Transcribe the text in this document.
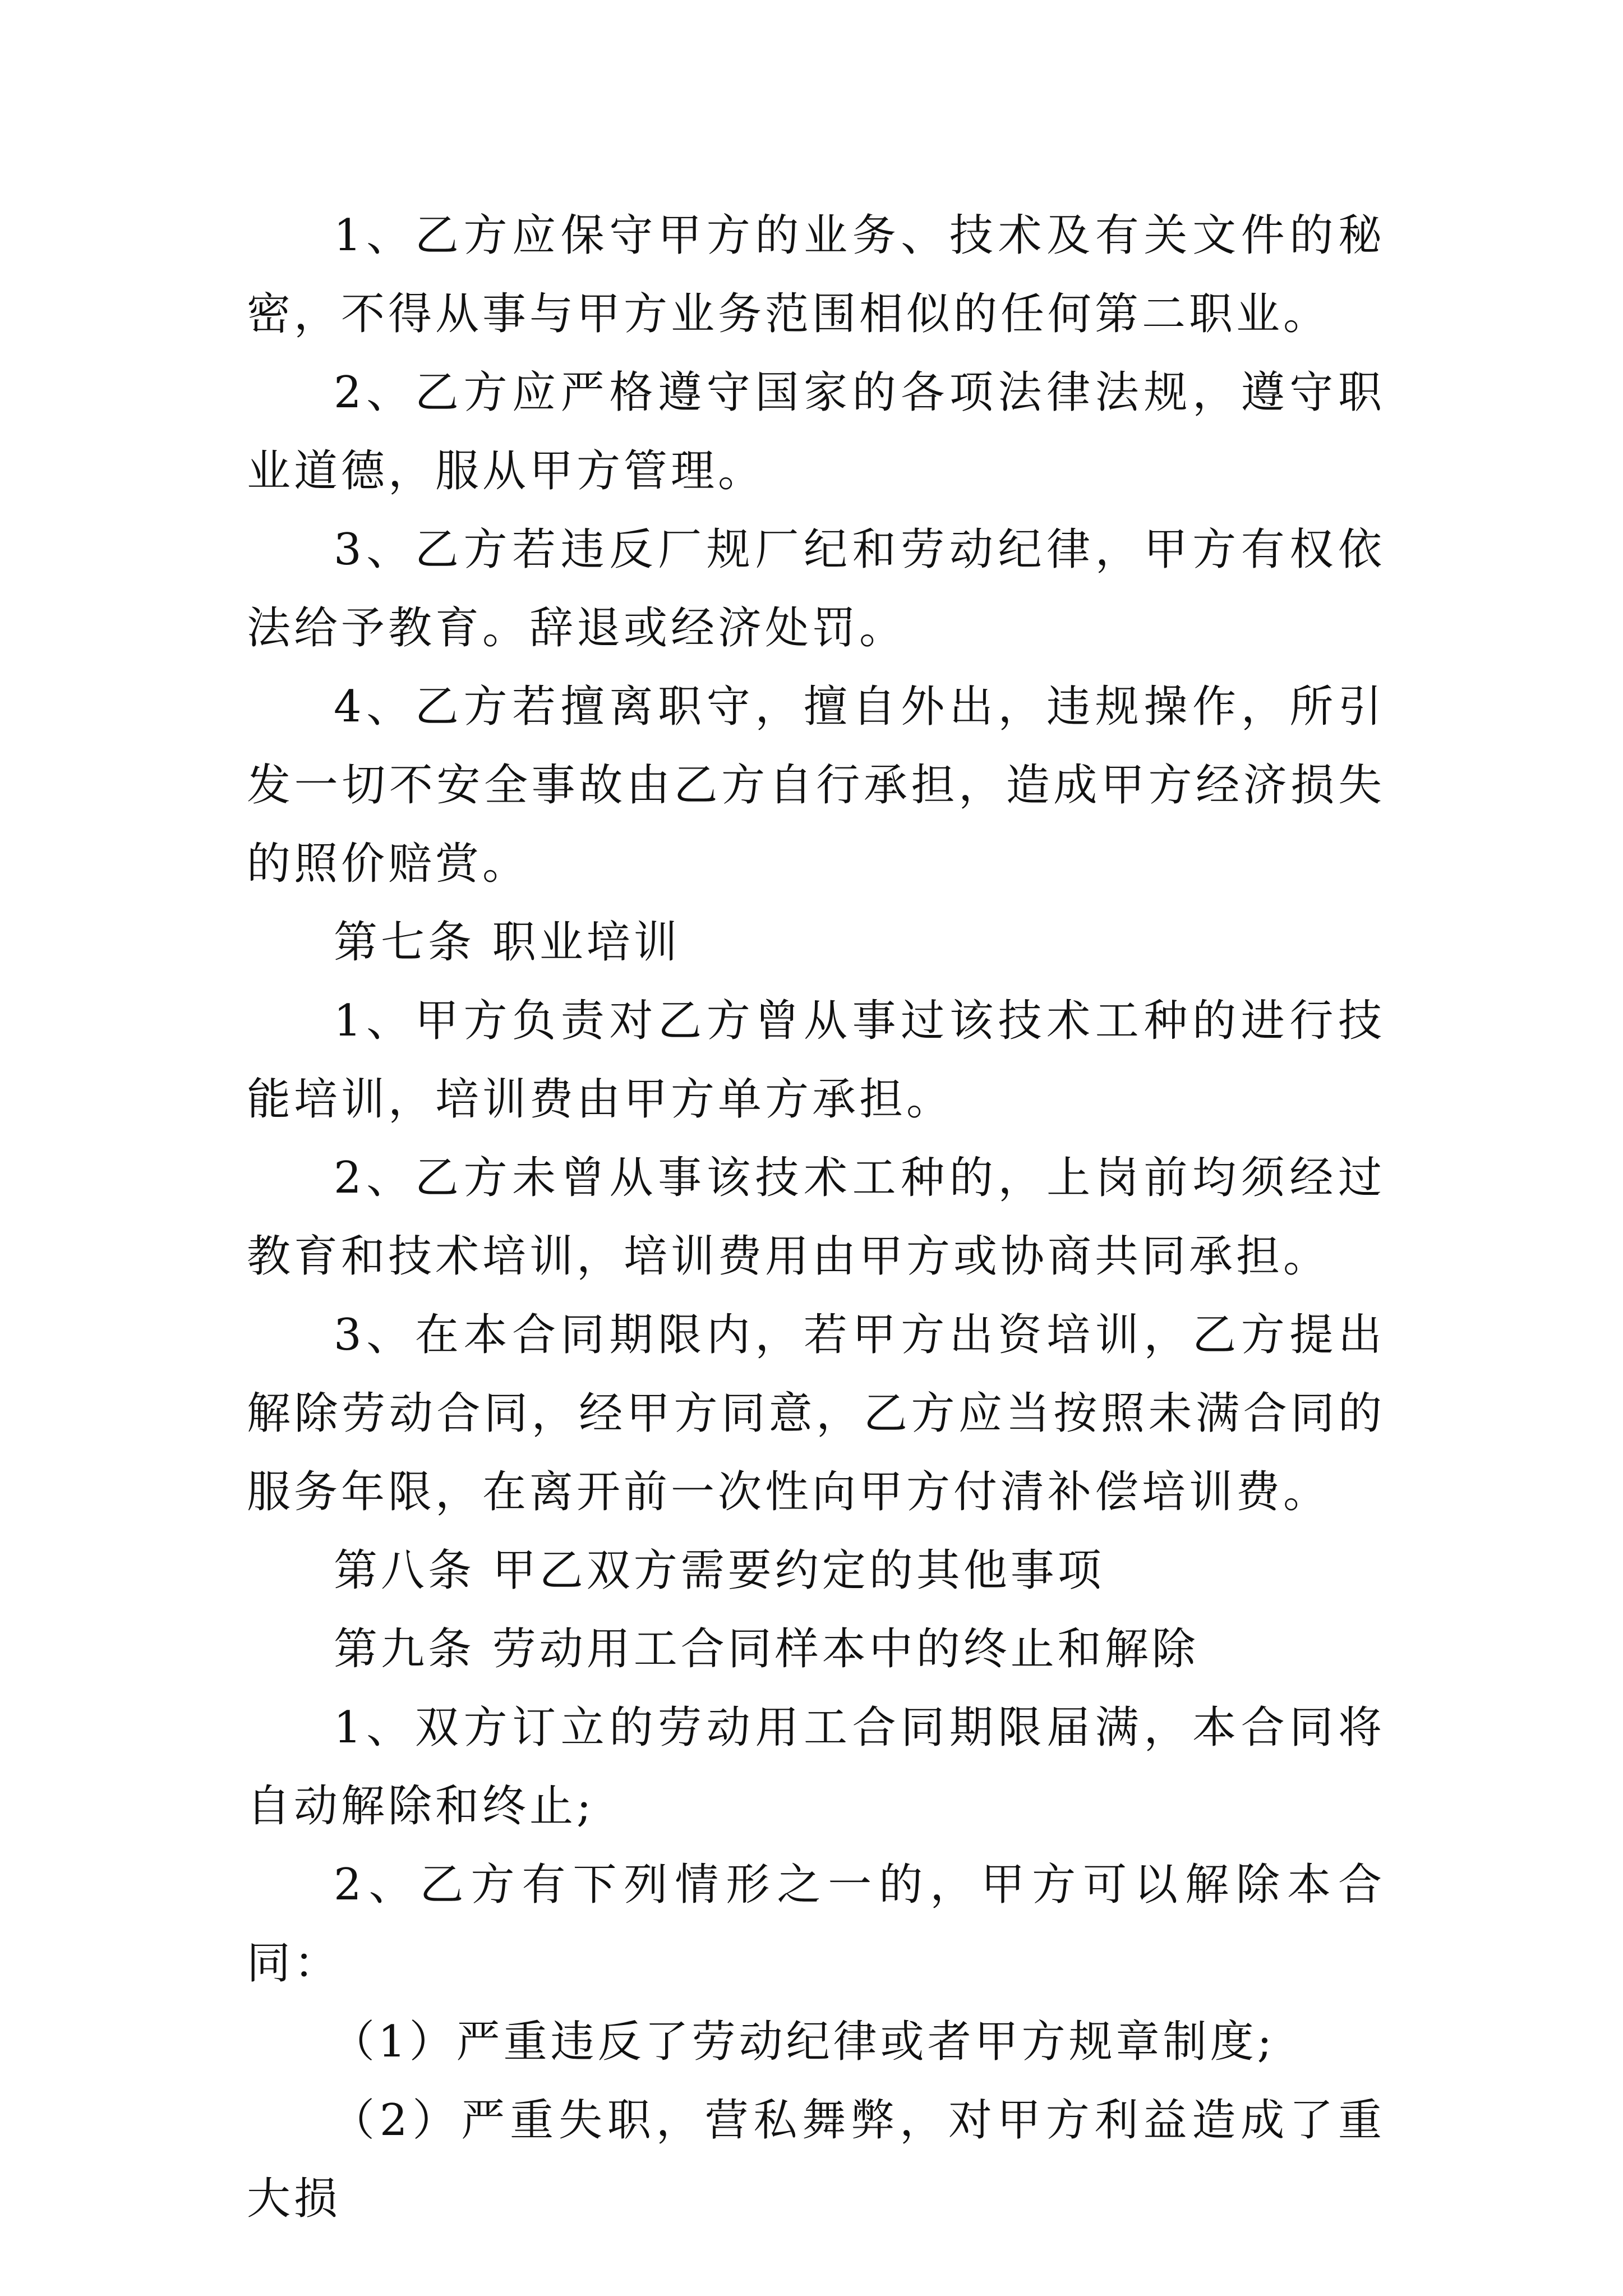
1、乙方应保守甲方的业务、技术及有关文件的秘密，不得从事与甲方业务范围相似的任何第二职业。

2、乙方应严格遵守国家的各项法律法规，遵守职业道德，服从甲方管理。

3、乙方若违反厂规厂纪和劳动纪律，甲方有权依法给予教育。辞退或经济处罚。

4、乙方若擅离职守，擅自外出，违规操作，所引发一切不安全事故由乙方自行承担，造成甲方经济损失的照价赔赏。

第七条 职业培训

1、甲方负责对乙方曾从事过该技术工种的进行技能培训，培训费由甲方单方承担。

2、乙方未曾从事该技术工种的，上岗前均须经过教育和技术培训，培训费用由甲方或协商共同承担。

3、在本合同期限内，若甲方出资培训，乙方提出解除劳动合同，经甲方同意，乙方应当按照未满合同的服务年限，在离开前一次性向甲方付清补偿培训费。

第八条 甲乙双方需要约定的其他事项

第九条 劳动用工合同样本中的终止和解除

1、双方订立的劳动用工合同期限届满，本合同将自动解除和终止;

2、乙方有下列情形之一的，甲方可以解除本合同：

（1）严重违反了劳动纪律或者甲方规章制度;

（2）严重失职，营私舞弊，对甲方利益造成了重大损
